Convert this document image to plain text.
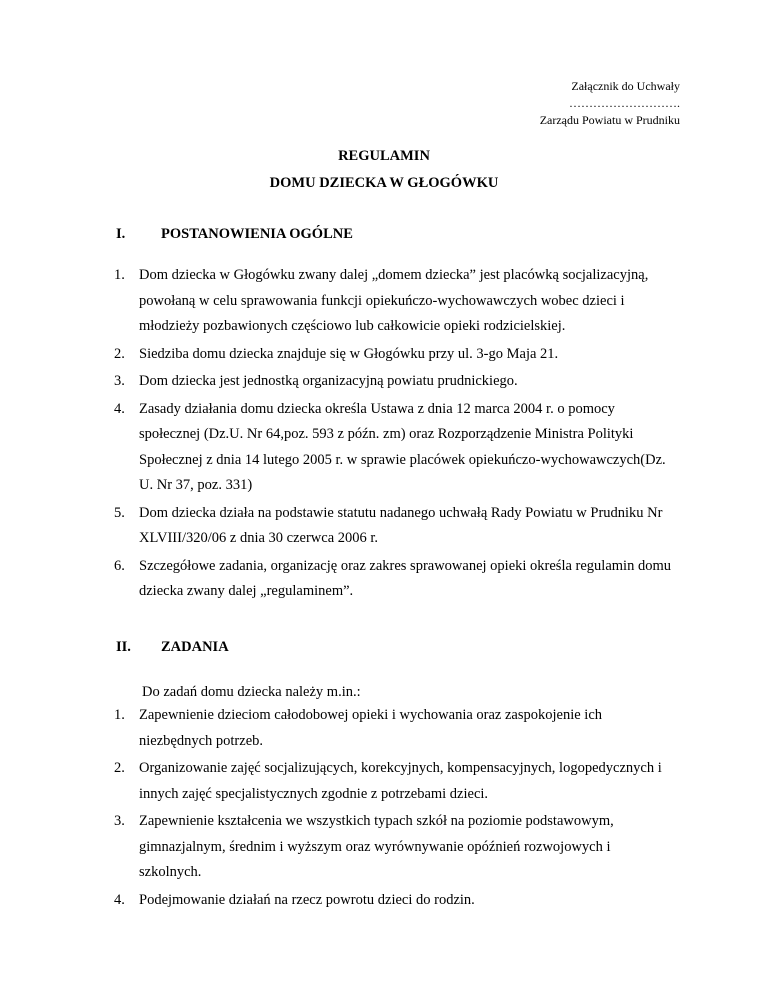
Załącznik do Uchwały
……………………….
Zarządu Powiatu w Prudniku
REGULAMIN
DOMU DZIECKA W GŁOGÓWKU
I. POSTANOWIENIA OGÓLNE
1. Dom dziecka w Głogówku zwany dalej „domem dziecka” jest placówką socjalizacyjną, powołaną w celu sprawowania funkcji opiekuńczo-wychowawczych wobec dzieci i młodzieży pozbawionych częściowo lub całkowicie opieki rodzicielskiej.
2. Siedziba domu dziecka znajduje się w Głogówku przy ul. 3-go Maja 21.
3. Dom dziecka jest jednostką organizacyjną powiatu prudnickiego.
4. Zasady działania domu dziecka określa Ustawa z dnia 12 marca 2004 r. o pomocy społecznej (Dz.U. Nr 64,poz. 593 z późn. zm) oraz Rozporządzenie Ministra Polityki Społecznej z dnia 14 lutego 2005 r. w sprawie placówek opiekuńczo-wychowawczych(Dz. U. Nr 37, poz. 331)
5. Dom dziecka działa na podstawie statutu nadanego uchwałą Rady Powiatu w Prudniku Nr XLVIII/320/06 z dnia 30 czerwca 2006 r.
6. Szczegółowe zadania, organizację oraz zakres sprawowanej opieki określa regulamin domu dziecka zwany dalej „regulaminem”.
II. ZADANIA
Do zadań domu dziecka należy m.in.:
1. Zapewnienie dzieciom całodobowej opieki i wychowania oraz zaspokojenie ich niezbędnych potrzeb.
2. Organizowanie zajęć socjalizujących, korekcyjnych, kompensacyjnych, logopedycznych i innych zajęć specjalistycznych zgodnie z potrzebami dzieci.
3. Zapewnienie kształcenia we wszystkich typach szkół na poziomie podstawowym, gimnazjalnym, średnim i wyższym oraz wyrównywanie opóźnień rozwojowych i szkolnych.
4. Podejmowanie działań na rzecz powrotu dzieci do rodzin.
